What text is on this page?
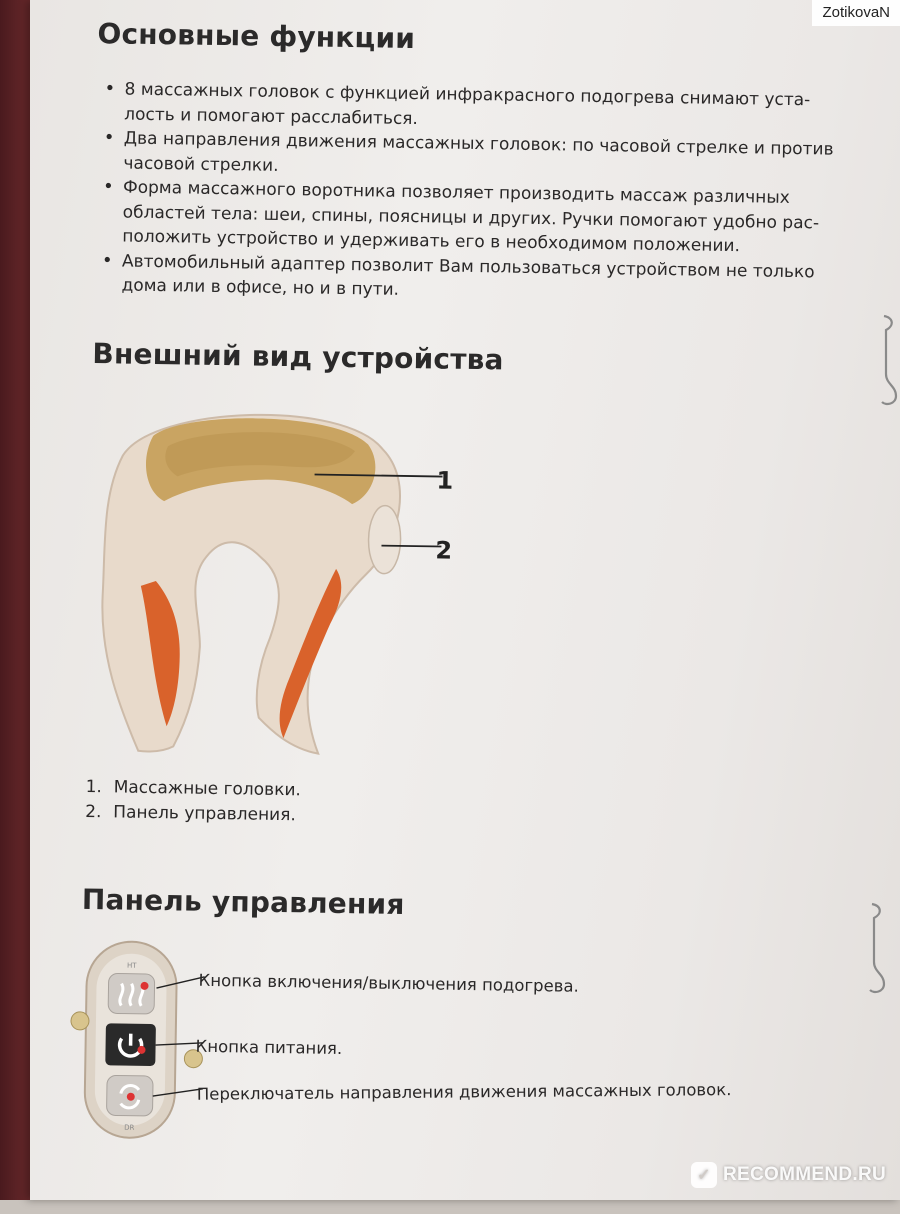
Основные функции
• 8 массажных головок с функцией инфракрасного подогрева снимают уста-лость и помогают расслабиться.
• Два направления движения массажных головок: по часовой стрелке и против часовой стрелки.
• Форма массажного воротника позволяет производить массаж различных областей тела: шеи, спины, поясницы и других. Ручки помогают удобно рас-положить устройство и удерживать его в необходимом положении.
• Автомобильный адаптер позволит Вам пользоваться устройством не только дома или в офисе, но и в пути.
Внешний вид устройства
1
2
1. Массажные головки.
2. Панель управления.
Панель управления
HT
DR
Кнопка включения/выключения подогрева.
Кнопка питания.
Переключатель направления движения массажных головок.
ZotikovaN
✓ RECOMMEND.RU
